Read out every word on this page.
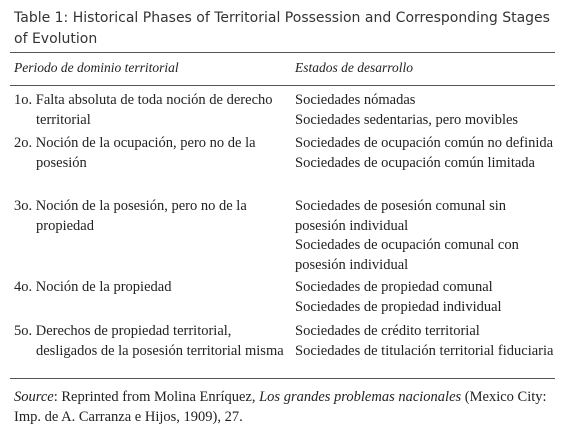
Table 1: Historical Phases of Territorial Possession and Corresponding Stages
of Evolution
Periodo de dominio territorial	Estados de desarrollo
1o. Falta absoluta de toda noción de derecho territorial
Sociedades nómadas
Sociedades sedentarias, pero movibles
2o. Noción de la ocupación, pero no de la posesión
Sociedades de ocupación común no definida
Sociedades de ocupación común limitada
3o. Noción de la posesión, pero no de la propiedad
Sociedades de posesión comunal sin posesión individual
Sociedades de ocupación comunal con posesión individual
4o. Noción de la propiedad	Sociedades de propiedad comunal
Sociedades de propiedad individual
5o. Derechos de propiedad territorial, desligados de la posesión territorial misma
Sociedades de crédito territorial
Sociedades de titulación territorial fiduciaria
Source: Reprinted from Molina Enríquez, Los grandes problemas nacionales (Mexico City: Imp. de A. Carranza e Hijos, 1909), 27.
